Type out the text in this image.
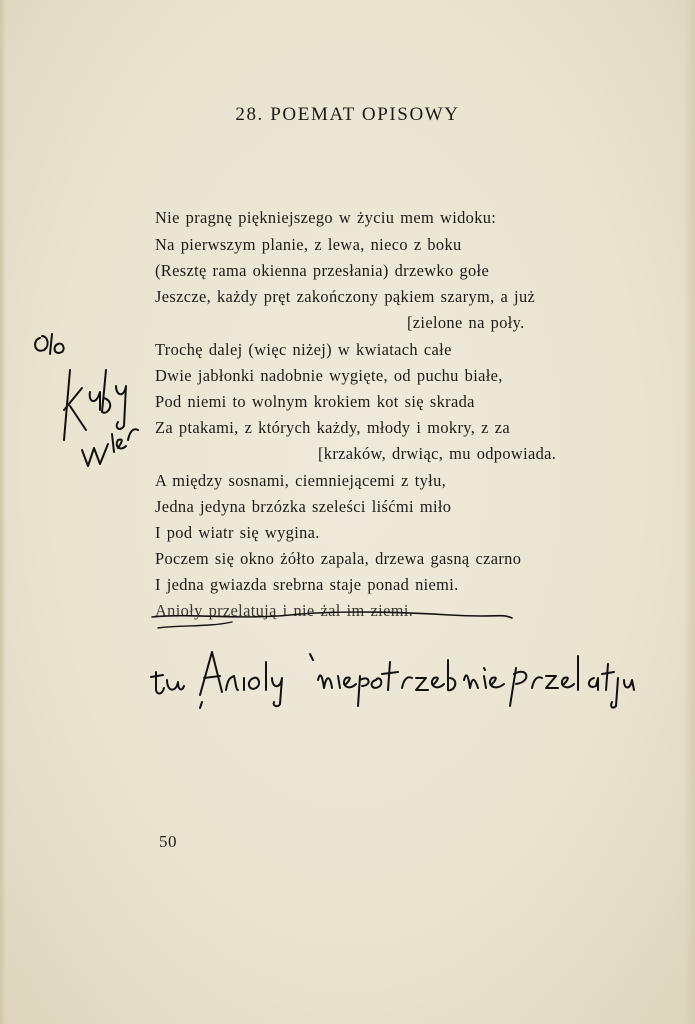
28. POEMAT OPISOWY
Nie pragnę piękniejszego w życiu mem widoku:
Na pierwszym planie, z lewa, nieco z boku
(Resztę rama okienna przesłania) drzewko gołe
Jeszcze, każdy pręt zakończony pąkiem szarym, a już
[zielone na poły.
Trochę dalej (więc niżej) w kwiatach całe
Dwie jabłonki nadobnie wygięte, od puchu białe,
Pod niemi to wolnym krokiem kot się skrada
Za ptakami, z których każdy, młody i mokry, z za
[krzaków, drwiąc, mu odpowiada.
A między sosnami, ciemniejącemi z tyłu,
Jedna jedyna brzózka szeleści liśćmi miło
I pod wiatr się wygina.
Poczem się okno żółto zapala, drzewa gasną czarno
I jedna gwiazda srebrna staje ponad niemi.
Anioły przelatują i nie żal im ziemi.
50
